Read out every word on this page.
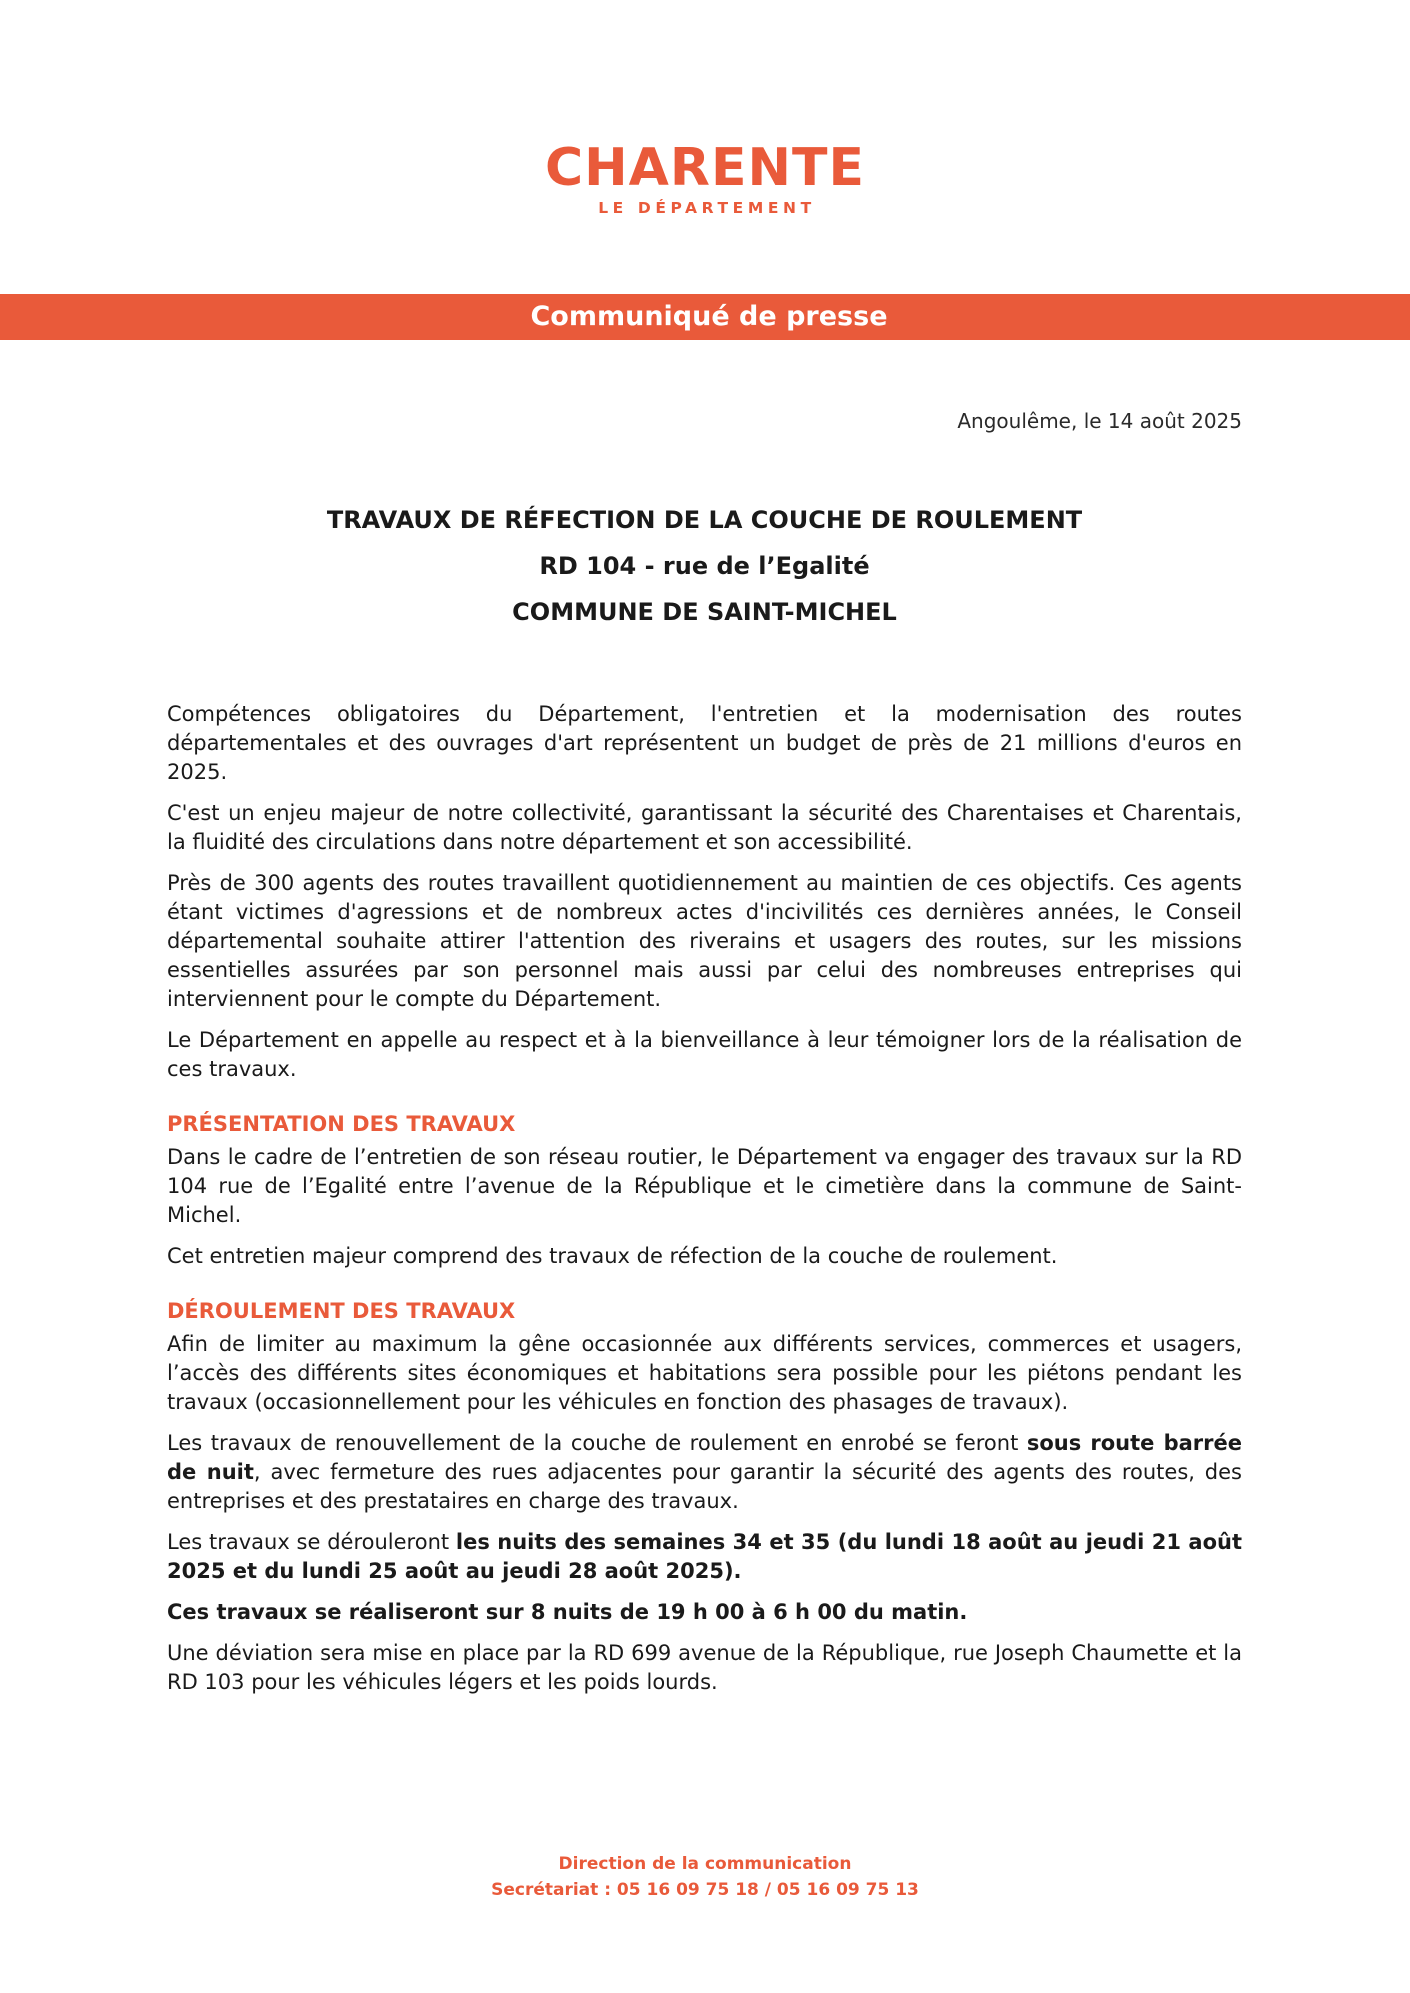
CHARENTE
LE DÉPARTEMENT
Communiqué de presse
Angoulême, le 14 août 2025
TRAVAUX DE RÉFECTION DE LA COUCHE DE ROULEMENT
RD 104 - rue de l’Egalité
COMMUNE DE SAINT-MICHEL

Compétences obligatoires du Département, l'entretien et la modernisation des routes départementales et des ouvrages d'art représentent un budget de près de 21 millions d'euros en 2025.

C'est un enjeu majeur de notre collectivité, garantissant la sécurité des Charentaises et Charentais, la fluidité des circulations dans notre département et son accessibilité.

Près de 300 agents des routes travaillent quotidiennement au maintien de ces objectifs. Ces agents étant victimes d'agressions et de nombreux actes d'incivilités ces dernières années, le Conseil départemental souhaite attirer l'attention des riverains et usagers des routes, sur les missions essentielles assurées par son personnel mais aussi par celui des nombreuses entreprises qui interviennent pour le compte du Département.

Le Département en appelle au respect et à la bienveillance à leur témoigner lors de la réalisation de ces travaux.

PRÉSENTATION DES TRAVAUX

Dans le cadre de l’entretien de son réseau routier, le Département va engager des travaux sur la RD 104 rue de l’Egalité entre l’avenue de la République et le cimetière dans la commune de Saint-Michel.

Cet entretien majeur comprend des travaux de réfection de la couche de roulement.

DÉROULEMENT DES TRAVAUX

Afin de limiter au maximum la gêne occasionnée aux différents services, commerces et usagers, l’accès des différents sites économiques et habitations sera possible pour les piétons pendant les travaux (occasionnellement pour les véhicules en fonction des phasages de travaux).

Les travaux de renouvellement de la couche de roulement en enrobé se feront sous route barrée de nuit, avec fermeture des rues adjacentes pour garantir la sécurité des agents des routes, des entreprises et des prestataires en charge des travaux.

Les travaux se dérouleront les nuits des semaines 34 et 35 (du lundi 18 août au jeudi 21 août 2025 et du lundi 25 août au jeudi 28 août 2025).

Ces travaux se réaliseront sur 8 nuits de 19 h 00 à 6 h 00 du matin.

Une déviation sera mise en place par la RD 699 avenue de la République, rue Joseph Chaumette et la RD 103 pour les véhicules légers et les poids lourds.

Direction de la communication
Secrétariat : 05 16 09 75 18 / 05 16 09 75 13
